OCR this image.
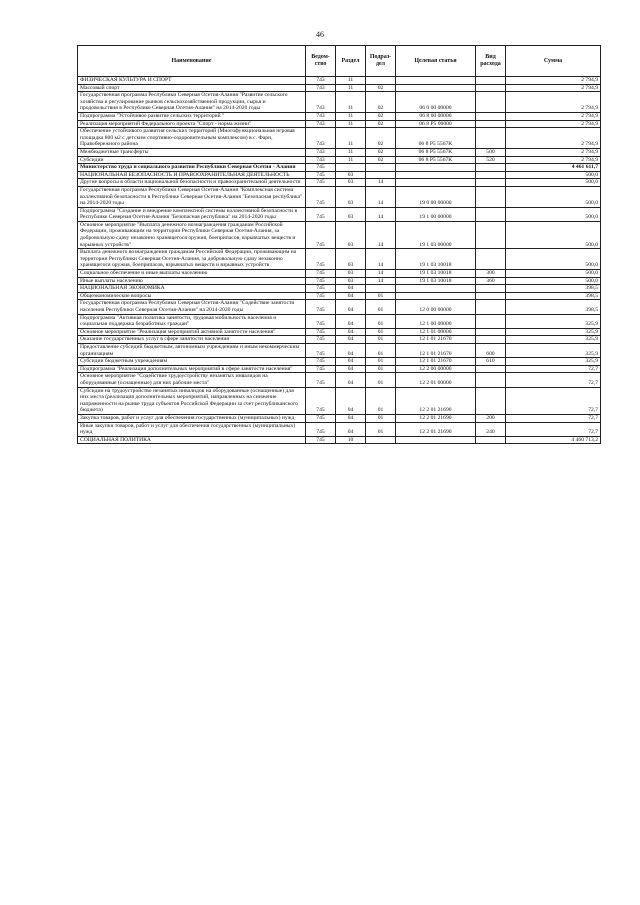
46
Наименование	Ведом-ство	Раздел	Подраз-дел	Целевая статья	Вид расхода	Сумма
ФИЗИЧЕСКАЯ КУЛЬТУРА И СПОРТ	743	11				2 794,9
Массовый спорт	743	11	02			2 794,9
Государственная программа Республики Северная Осетия-Алания "Развитие сельского хозяйства и регулирование рынков сельскохозяйственной продукции, сырья и продовольствия в Республике Северная Осетия-Алания" на 2014-2020 годы	743	11	02	06 0 00 00000		2 794,9
Подпрограмма "Устойчивое развитие сельских территорий "	743	11	02	06 8 00 00000		2 794,9
Реализация мероприятий Федерального проекта "Спорт - норма жизни"	743	11	02	06 8 P5 00000		2 794,9
Обеспечение устойчивого развития сельских территорий (Многофункциональная игровая площадка 800 м2 с детским спортивно-оздоровительным комплексом) в с. Фарн, Правобережного района	743	11	02	06 8 P5 5567K		2 794,9
Межбюджетные трансферты	743	11	02	06 8 P5 5567K	500	2 794,9
Субсидии	743	11	02	06 8 P5 5567K	520	2 794,9
Министерство труда и социального развития Республики Северная Осетия - Алания	745					4 461 611,7
НАЦИОНАЛЬНАЯ БЕЗОПАСНОСТЬ И ПРАВООХРАНИТЕЛЬНАЯ ДЕЯТЕЛЬНОСТЬ	745	03				500,0
Другие вопросы в области национальной безопасности и правоохранительной деятельности	745	03	14			500,0
Государственная программа Республики Северная Осетия-Алания "Комплексная система коллективной безопасности в Республике Северная Осетия-Алания "Безопасная республика" на 2014-2020 годы	745	03	14	19 0 00 00000		500,0
Подпрограмма "Создание и внедрение комплексной системы коллективной безопасности в Республике Северная Осетия-Алания "Безопасная республика" на 2014-2020 годы	745	03	14	19 1 00 00000		500,0
Основное мероприятие "Выплата денежного вознаграждения гражданам Российской Федерации, проживающим на территории Республики Северная Осетия-Алания, за добровольную сдачу незаконно хранящегося оружия, боеприпасов, взрывчатых веществ и взрывных устройств"	745	03	14	19 1 03 00000		500,0
Выплата денежного вознаграждения гражданам Российской Федерации, проживающим на территории Республики Северная Осетия-Алания, за добровольную сдачу незаконно хранящегося оружия, боеприпасов, взрывчатых веществ и взрывных устройств	745	03	14	19 1 03 10018		500,0
Социальное обеспечение и иные выплаты населению	745	03	14	19 1 03 10018	300	500,0
Иные выплаты населению	745	03	14	19 1 03 10018	360	500,0
НАЦИОНАЛЬНАЯ ЭКОНОМИКА	745	04				398,5
Общеэкономические вопросы	745	04	01			398,5
Государственная программа Республики Северная Осетия-Алания "Содействие занятости населения Республики Северная Осетия-Алания" на 2014-2020 годы	745	04	01	12 0 00 00000		398,5
Подпрограмма "Активная политика занятости, трудовая мобильность населения и социальная поддержка безработных граждан"	745	04	01	12 1 00 00000		325,9
Основное мероприятие "Реализация мероприятий активной занятости населения"	745	04	01	12 1 01 00000		325,9
Оказание государственных услуг в сфере занятости населения	745	04	01	12 1 01 21670		325,9
Предоставление субсидий бюджетным, автономным учреждениям и иным некоммерческим организациям	745	04	01	12 1 01 21670	600	325,9
Субсидии бюджетным учреждениям	745	04	01	12 1 01 21670	610	325,9
Подпрограмма "Реализация дополнительных мероприятий в сфере занятости населения"	745	04	01	12 2 00 00000		72,7
Основное мероприятие "Содействие трудоустройству незанятых инвалидов на оборудованные (оснащенные) для них рабочие места"	745	04	01	12 2 01 00000		72,7
Субсидии на трудоустройство незанятых инвалидов на оборудованные (оснащенные) для них места (реализация дополнительных мероприятий, направленных на снижение напряженности на рынке труда субъектов Российской Федерации за счет республиканского бюджета)	745	04	01	12 2 01 21690		72,7
Закупка товаров, работ и услуг для обеспечения государственных (муниципальных) нужд	745	04	01	12 2 01 21690	200	72,7
Иные закупки товаров, работ и услуг для обеспечения государственных (муниципальных) нужд	745	04	01	12 2 01 21690	240	72,7
СОЦИАЛЬНАЯ ПОЛИТИКА	745	10				4 460 713,2
